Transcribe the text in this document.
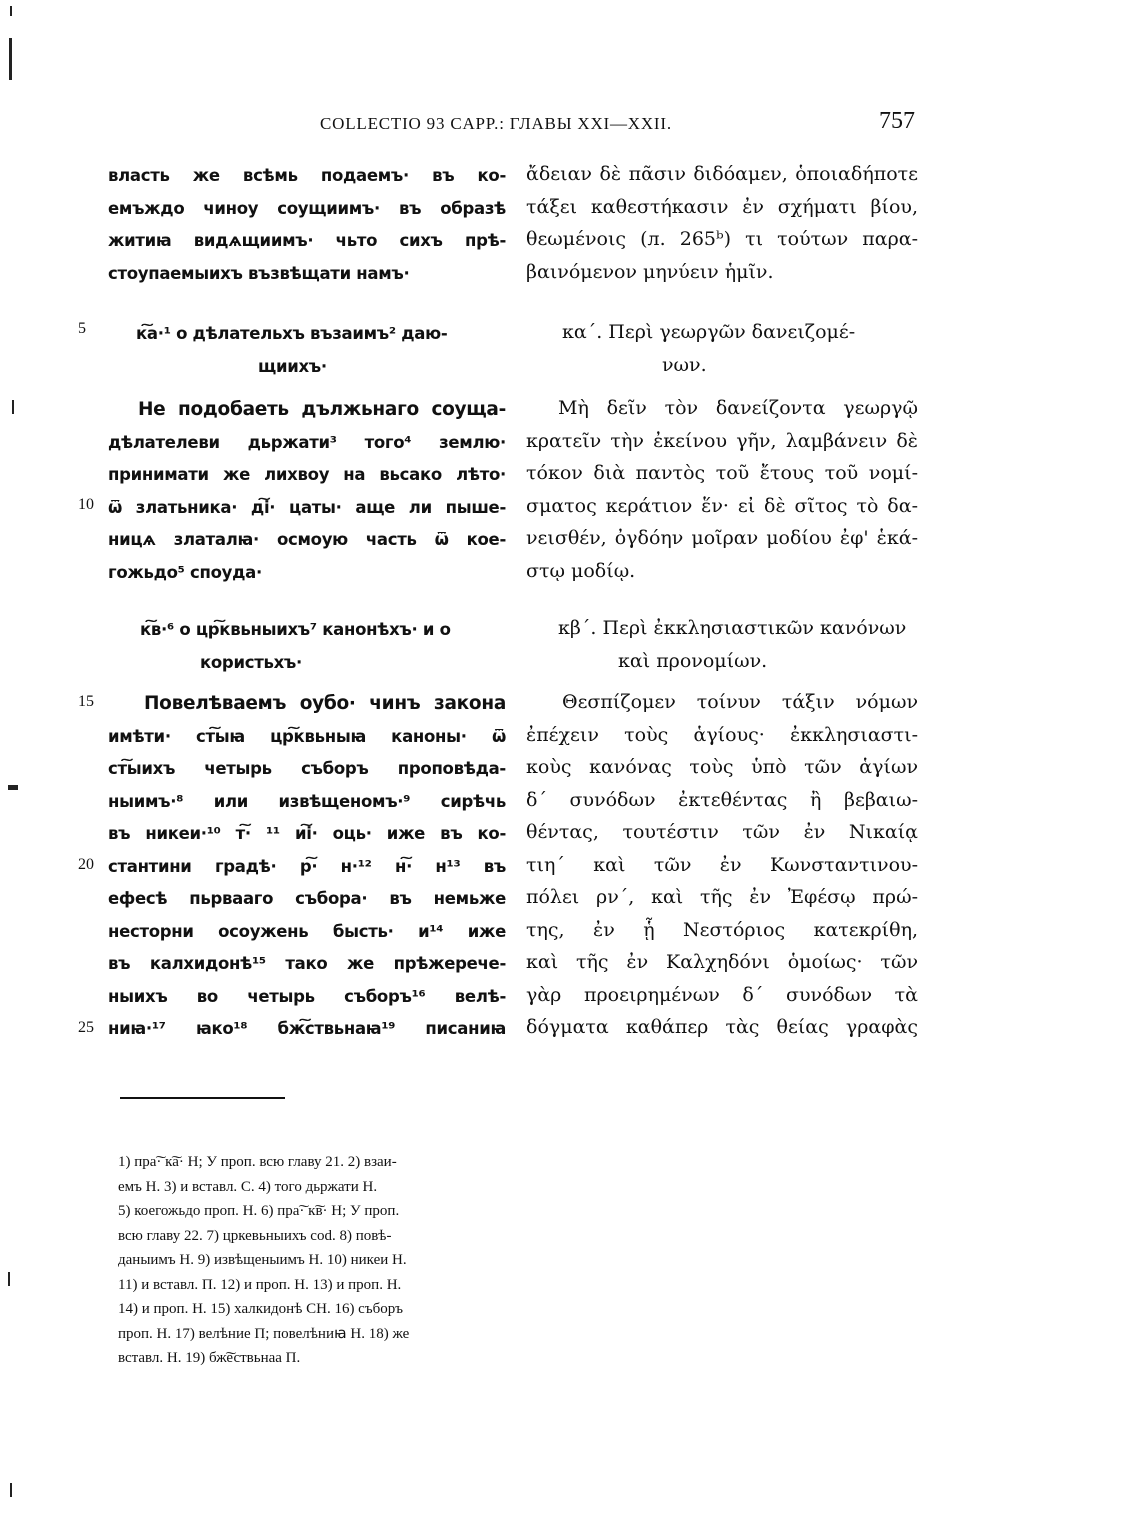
COLLECTIO 93 CAPP.: ГЛАВЫ XXI—XXII.	757
5
10
15
20
25
власть же всѣмь подаемъ· въ ко-
емъждо чиноу соущиимъ· въ образѣ
житиꙗ видѧщиимъ· чьто сихъ прѣ-
стоупаемыихъ възвѣщати намъ·
к͠а·¹ о дѣлательхъ възаимъ² даю-
щиихъ·
Не подобаеть дължьнаго соуща-
дѣлателеви дьржати³ того⁴ землю·
принимати же лихвоу на вьсако лѣто·
ѿ златьника· д͠і· цаты· аще ли пыше-
ницѧ златалꙗ· осмоую часть ѿ кое-
гожьдо⁵ споуда·
к͠в·⁶ о цр͠квьныихъ⁷ канонѣхъ· и о
користьхъ·
Повелѣваемъ оубо· чинъ закона
имѣти· ст͠ыꙗ цр͠квьныꙗ каноны· ѿ
ст͠ыихъ четырь съборъ проповѣда-
ныимъ·⁸ или извѣщеномъ·⁹ сирѣчь
въ никеи·¹⁰ т͠· ¹¹ и͠і· оць· иже въ ко-
стантини градѣ· р͠· н·¹² н͠· н¹³ въ
ефесѣ пьрвааго събора· въ немьже
несторни осоужень бысть· и¹⁴ иже
въ калхидонѣ¹⁵ тако же прѣжерече-
ныихъ во четырь съборъ¹⁶ велѣ-
ниꙗ·¹⁷ ꙗко¹⁸ бж͠ствьнаꙗ¹⁹ писаниꙗ
ἄδειαν δὲ πᾶσιν διδόαμεν, ὁποιαδήποτε
τάξει καθεστήκασιν ἐν σχήματι βίου,
θεωμένοις (л. 265ᵇ) τι τούτων παρα-
βαινόμενον μηνύειν ἡμῖν.
κα΄. Περὶ γεωργῶν δανειζομέ-
νων.
Μὴ δεῖν τὸν δανείζοντα γεωργῷ
κρατεῖν τὴν ἐκείνου γῆν, λαμβάνειν δὲ
τόκον διὰ παντὸς τοῦ ἔτους τοῦ νομί-
σματος κεράτιον ἕν· εἰ δὲ σῖτος τὸ δα-
νεισθέν, ὀγδόην μοῖραν μοδίου ἐφ' ἑκά-
στῳ μοδίῳ.
κβ΄. Περὶ ἐκκλησιαστικῶν κανόνων
καὶ προνομίων.
Θεσπίζομεν τοίνυν τάξιν νόμων
ἐπέχειν τοὺς ἁγίους· ἐκκλησιαστι-
κοὺς κανόνας τοὺς ὑπὸ τῶν ἁγίων
δ΄ συνόδων ἐκτεθέντας ἢ βεβαιω-
θέντας, τουτέστιν τῶν ἐν Νικαίᾳ
τιη΄ καὶ τῶν ἐν Κωνσταντινου-
πόλει ρν΄, καὶ τῆς ἐν Ἐφέσῳ πρώ-
της, ἐν ᾗ Νεστόριος κατεκρίθη,
καὶ τῆς ἐν Καλχηδόνι ὁμοίως· τῶν
γὰρ προειρημένων δ΄ συνόδων τὰ
δόγματα καθάπερ τὰς θείας γραφὰς
1) пра͠· к͠а· H; У проп. всю главу 21. 2) взаи-
емъ H. 3) и вставл. C. 4) того дьржати H.
5) коегожьдо проп. H. 6) пра͠· к͠в· H; У проп.
всю главу 22. 7) цркевьныихъ cod. 8) повѣ-
даныимъ H. 9) извѣщеныимъ H. 10) никеи H.
11) и вставл. П. 12) и проп. H. 13) и проп. H.
14) и проп. H. 15) халкидонѣ CH. 16) съборъ
проп. H. 17) велѣние П; повелѣниꙗ H. 18) же
вставл. H. 19) бж͠ествьнаа П.
